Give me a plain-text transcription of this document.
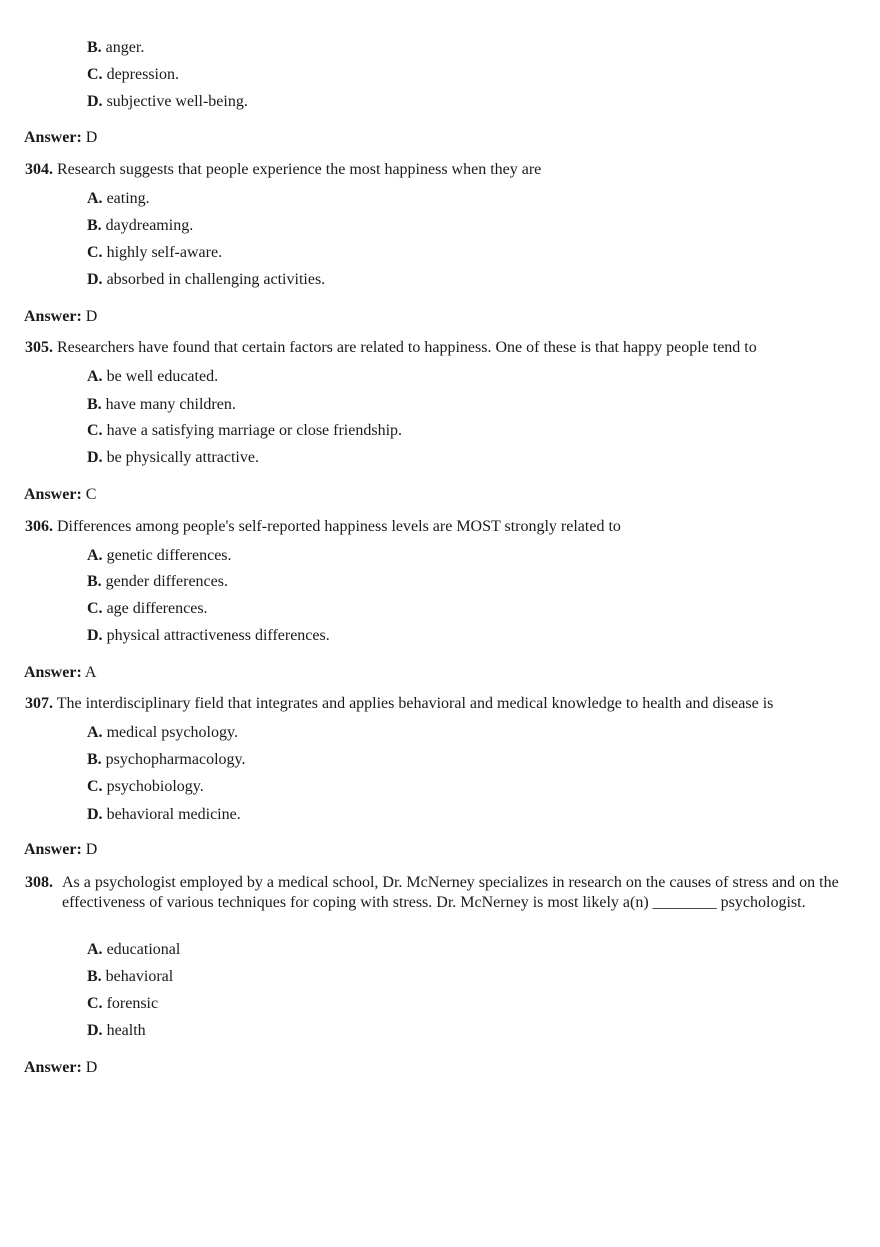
B. anger.
C. depression.
D. subjective well-being.
Answer: D
304. Research suggests that people experience the most happiness when they are
A. eating.
B. daydreaming.
C. highly self-aware.
D. absorbed in challenging activities.
Answer: D
305. Researchers have found that certain factors are related to happiness. One of these is that happy people tend to
A. be well educated.
B. have many children.
C. have a satisfying marriage or close friendship.
D. be physically attractive.
Answer: C
306. Differences among people's self-reported happiness levels are MOST strongly related to
A. genetic differences.
B. gender differences.
C. age differences.
D. physical attractiveness differences.
Answer: A
307. The interdisciplinary field that integrates and applies behavioral and medical knowledge to health and disease is
A. medical psychology.
B. psychopharmacology.
C. psychobiology.
D. behavioral medicine.
Answer: D
308. As a psychologist employed by a medical school, Dr. McNerney specializes in research on the causes of stress and on the effectiveness of various techniques for coping with stress. Dr. McNerney is most likely a(n) ________ psychologist.
A. educational
B. behavioral
C. forensic
D. health
Answer: D
